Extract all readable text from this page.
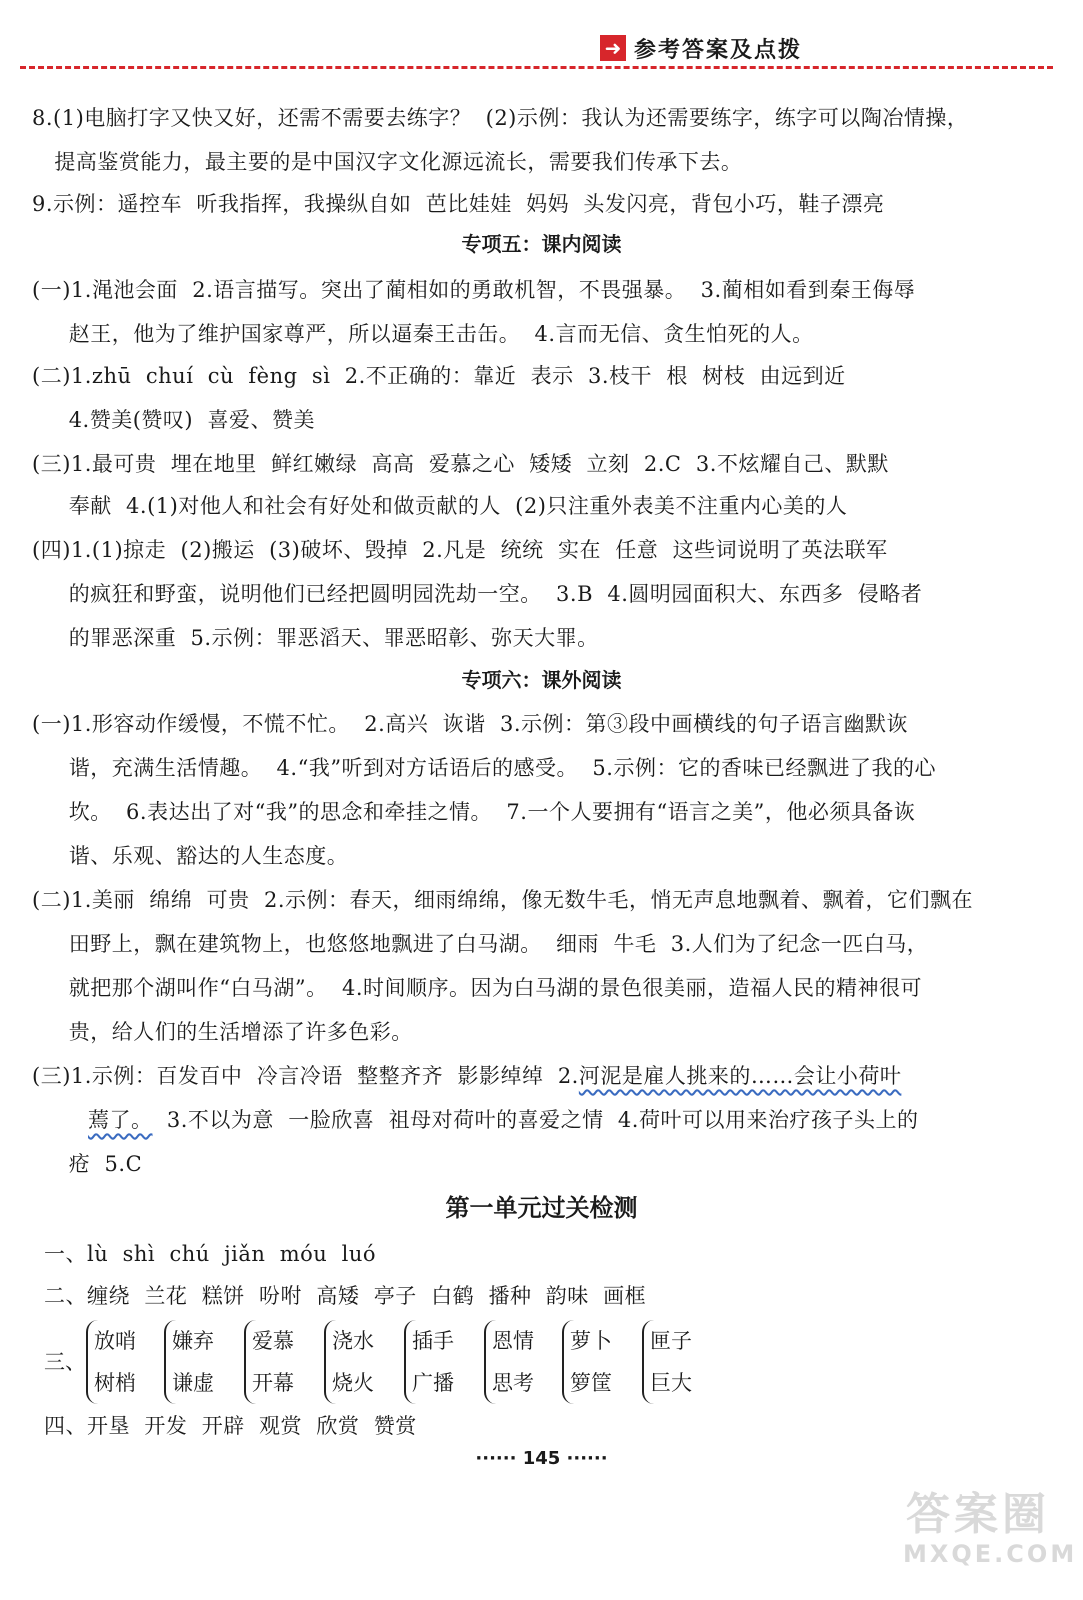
➜ 参考答案及点拨
8.(1)电脑打字又快又好，还需不需要去练字？  (2)示例：我认为还需要练字，练字可以陶冶情操，
提高鉴赏能力，最主要的是中国汉字文化源远流长，需要我们传承下去。
9.示例：遥控车  听我指挥，我操纵自如  芭比娃娃  妈妈  头发闪亮，背包小巧，鞋子漂亮
专项五：课内阅读
(一)1.渑池会面  2.语言描写。突出了蔺相如的勇敢机智，不畏强暴。  3.蔺相如看到秦王侮辱
赵王，他为了维护国家尊严，所以逼秦王击缶。  4.言而无信、贪生怕死的人。
(二)1.zhū  chuí  cù  fèng  sì  2.不正确的：靠近  表示  3.枝干  根  树枝  由远到近
4.赞美(赞叹)  喜爱、赞美
(三)1.最可贵  埋在地里  鲜红嫩绿  高高  爱慕之心  矮矮  立刻  2.C  3.不炫耀自己、默默
奉献  4.(1)对他人和社会有好处和做贡献的人  (2)只注重外表美不注重内心美的人
(四)1.(1)掠走  (2)搬运  (3)破坏、毁掉  2.凡是  统统  实在  任意  这些词说明了英法联军
的疯狂和野蛮，说明他们已经把圆明园洗劫一空。  3.B  4.圆明园面积大、东西多  侵略者
的罪恶深重  5.示例：罪恶滔天、罪恶昭彰、弥天大罪。
专项六：课外阅读
(一)1.形容动作缓慢，不慌不忙。  2.高兴  诙谐  3.示例：第③段中画横线的句子语言幽默诙
谐，充满生活情趣。  4.“我”听到对方话语后的感受。  5.示例：它的香味已经飘进了我的心
坎。  6.表达出了对“我”的思念和牵挂之情。  7.一个人要拥有“语言之美”，他必须具备诙
谐、乐观、豁达的人生态度。
(二)1.美丽  绵绵  可贵  2.示例：春天，细雨绵绵，像无数牛毛，悄无声息地飘着、飘着，它们飘在
田野上，飘在建筑物上，也悠悠地飘进了白马湖。  细雨  牛毛  3.人们为了纪念一匹白马，
就把那个湖叫作“白马湖”。  4.时间顺序。因为白马湖的景色很美丽，造福人民的精神很可
贵，给人们的生活增添了许多色彩。
(三)1.示例：百发百中  冷言冷语  整整齐齐  影影绰绰  2.河泥是雇人挑来的……会让小荷叶
蔫了。  3.不以为意  一脸欣喜  祖母对荷叶的喜爱之情  4.荷叶可以用来治疗孩子头上的
疮  5.C
第一单元过关检测
一、lù  shì  chú  jiǎn  móu  luó
二、缠绕  兰花  糕饼  吩咐  高矮  亭子  白鹤  播种  韵味  画框
三、
放哨
树梢
嫌弃
谦虚
爱慕
开幕
浇水
烧火
插手
广播
恩情
思考
萝卜
箩筐
匣子
巨大
四、开垦  开发  开辟  观赏  欣赏  赞赏
······ 145 ······
答案圈
MXQE.COM
